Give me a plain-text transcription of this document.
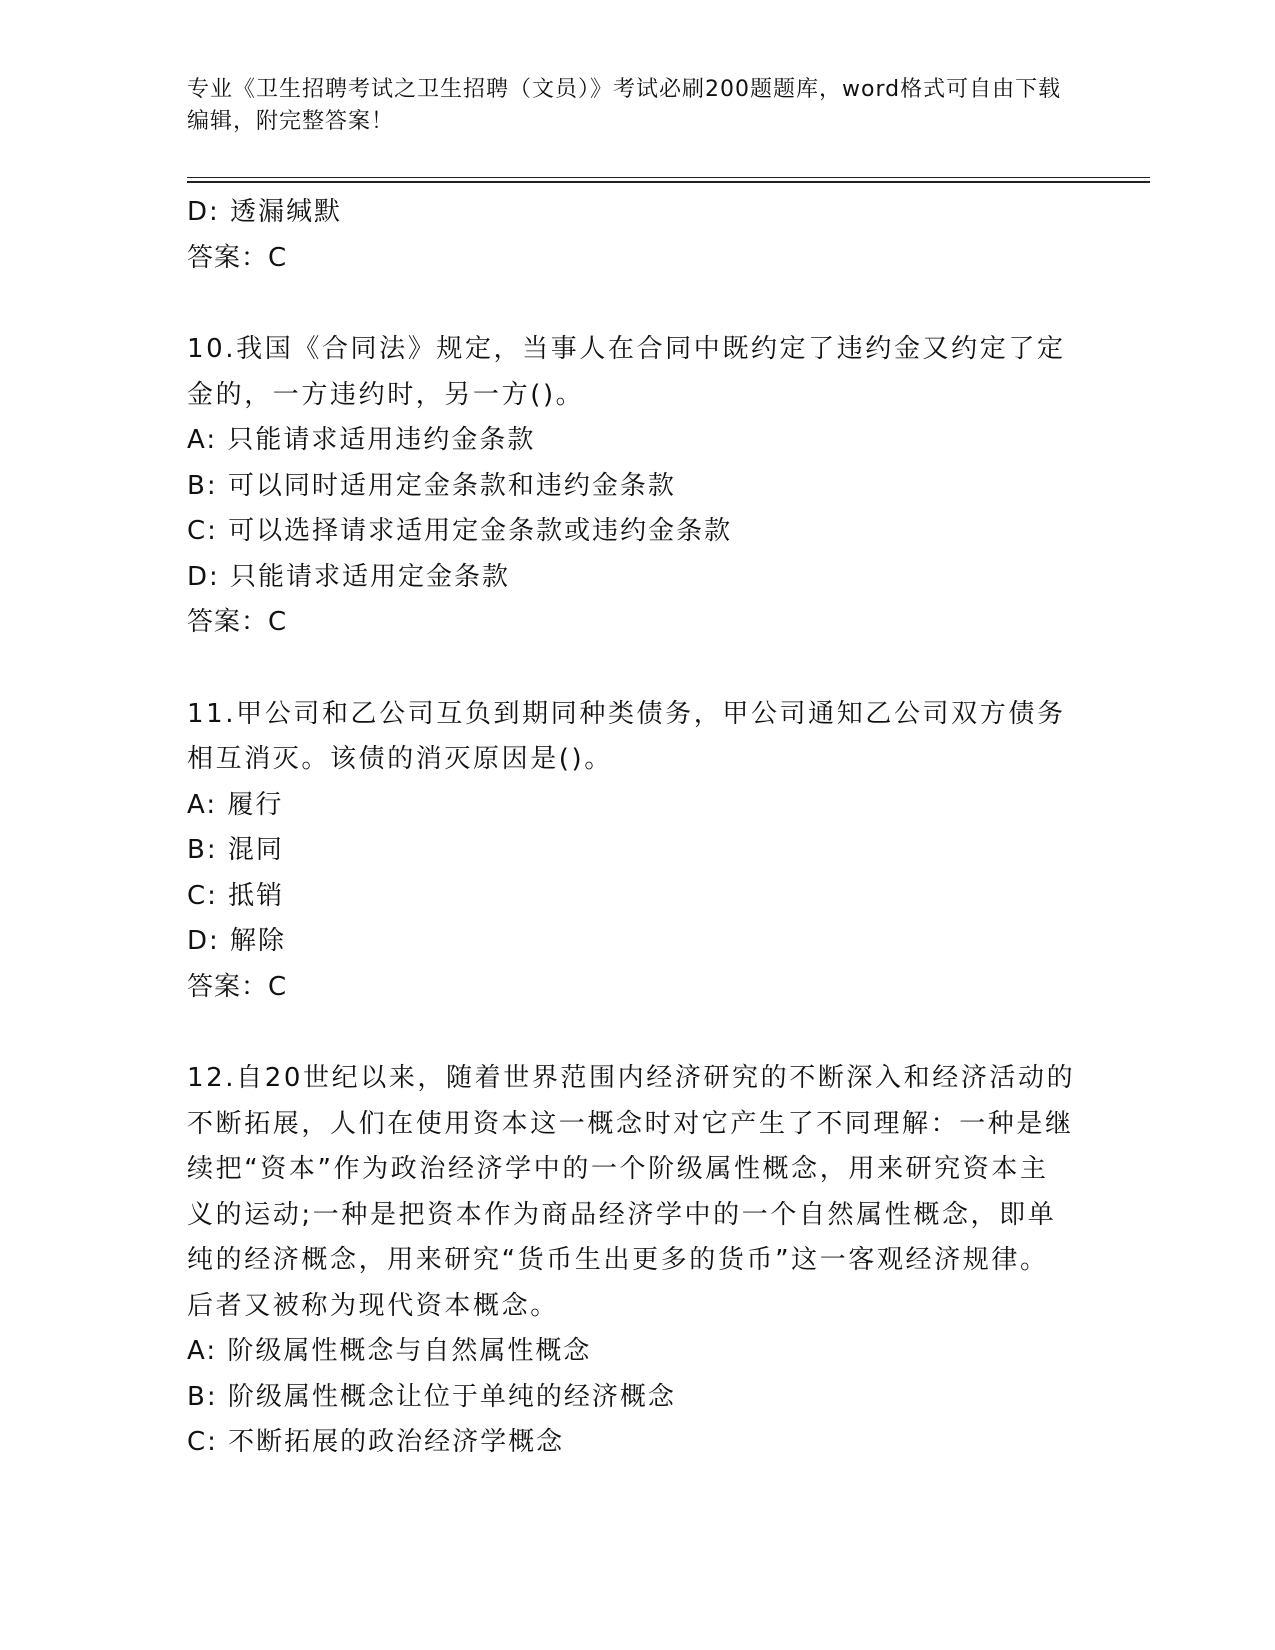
专业《卫生招聘考试之卫生招聘（文员）》考试必刷200题题库，word格式可自由下载编辑，附完整答案！
D: 透漏缄默
答案：C
10.我国《合同法》规定，当事人在合同中既约定了违约金又约定了定金的，一方违约时，另一方()。
A: 只能请求适用违约金条款
B: 可以同时适用定金条款和违约金条款
C: 可以选择请求适用定金条款或违约金条款
D: 只能请求适用定金条款
答案：C
11.甲公司和乙公司互负到期同种类债务，甲公司通知乙公司双方债务相互消灭。该债的消灭原因是()。
A: 履行
B: 混同
C: 抵销
D: 解除
答案：C
12.自20世纪以来，随着世界范围内经济研究的不断深入和经济活动的不断拓展，人们在使用资本这一概念时对它产生了不同理解：一种是继续把“资本”作为政治经济学中的一个阶级属性概念，用来研究资本主义的运动;一种是把资本作为商品经济学中的一个自然属性概念，即单纯的经济概念，用来研究“货币生出更多的货币”这一客观经济规律。后者又被称为现代资本概念。
A: 阶级属性概念与自然属性概念
B: 阶级属性概念让位于单纯的经济概念
C: 不断拓展的政治经济学概念
